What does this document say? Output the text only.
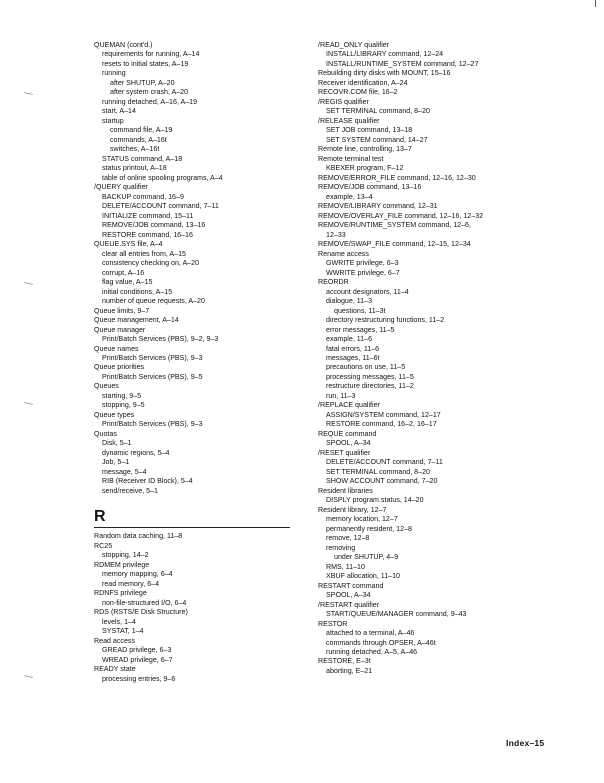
QUEMAN (cont'd.)
requirements for running, A–14
resets to initial states, A–19
running
after SHUTUP, A–20
after system crash, A–20
running detached, A–16, A–19
start, A–14
startup
command file, A–19
commands, A–16t
switches, A–16t
STATUS command, A–18
status printout, A–18
table of online spooling programs, A–4
/QUERY qualifier
BACKUP command, 16–9
DELETE/ACCOUNT command, 7–11
INITIALIZE command, 15–11
REMOVE/JOB command, 13–16
RESTORE command, 16–16
QUEUE.SYS file, A–4
clear all entries from, A–15
consistency checking on, A–20
corrupt, A–16
flag value, A–15
initial conditions, A–15
number of queue requests, A–20
Queue limits, 9–7
Queue management, A–14
Queue manager
Print/Batch Services (PBS), 9–2, 9–3
Queue names
Print/Batch Services (PBS), 9–3
Queue priorities
Print/Batch Services (PBS), 9–5
Queues
starting, 9–5
stopping, 9–5
Queue types
Print/Batch Services (PBS), 9–3
Quotas
Disk, 5–1
dynamic regions, 5–4
Job, 5–1
message, 5–4
RIB (Receiver ID Block), 5–4
send/receive, 5–1
R
Random data caching, 11–8
RC25
stopping, 14–2
RDMEM privilege
memory mapping, 6–4
read memory, 6–4
RDNFS privilege
non-file-structured I/O, 6–4
RDS (RSTS/E Disk Structure)
levels, 1–4
SYSTAT, 1–4
Read access
GREAD privilege, 6–3
WREAD privilege, 6–7
READY state
processing entries, 9–6
/READ_ONLY qualifier
INSTALL/LIBRARY command, 12–24
INSTALL/RUNTIME_SYSTEM command, 12–27
Rebuilding dirty disks with MOUNT, 15–16
Receiver identification, A–24
RECOVR.COM file, 16–2
/REGIS qualifier
SET TERMINAL command, 8–20
/RELEASE qualifier
SET JOB command, 13–18
SET SYSTEM command, 14–27
Remote line, controlling, 13–7
Remote terminal test
KBEXER program, F–12
REMOVE/ERROR_FILE command, 12–16, 12–30
REMOVE/JOB command, 13–16
example, 13–4
REMOVE/LIBRARY command, 12–31
REMOVE/OVERLAY_FILE command, 12–16, 12–32
REMOVE/RUNTIME_SYSTEM command, 12–6,
12–33
REMOVE/SWAP_FILE command, 12–15, 12–34
Rename access
GWRITE privilege, 6–3
WWRITE privilege, 6–7
REORDR
account designators, 11–4
dialogue, 11–3
questions, 11–3t
directory restructuring functions, 11–2
error messages, 11–5
example, 11–6
fatal errors, 11–6
messages, 11–6t
precautions on use, 11–5
processing messages, 11–5
restructure directories, 11–2
run, 11–3
/REPLACE qualifier
ASSIGN/SYSTEM command, 12–17
RESTORE command, 16–2, 16–17
REQUE command
SPOOL, A–34
/RESET qualifier
DELETE/ACCOUNT command, 7–11
SET TERMINAL command, 8–20
SHOW ACCOUNT command, 7–20
Resident libraries
DISPLY program status, 14–20
Resident library, 12–7
memory location, 12–7
permanently resident, 12–8
remove, 12–8
removing
under SHUTUP, 4–9
RMS, 11–10
XBUF allocation, 11–10
RESTART command
SPOOL, A–34
/RESTART qualifier
START/QUEUE/MANAGER command, 9–43
RESTOR
attached to a terminal, A–46
commands through OPSER, A–46t
running detached, A–5, A–46
RESTORE, E–3t
aborting, E–21
Index–15
